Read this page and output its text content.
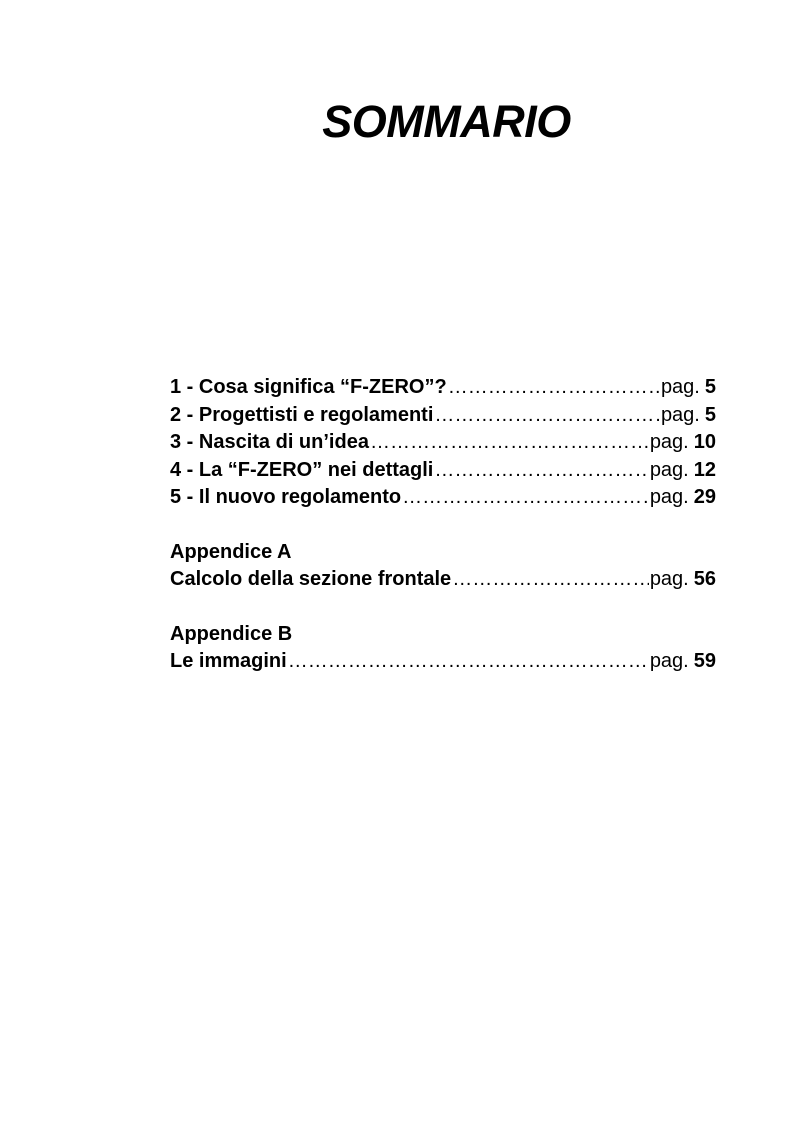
SOMMARIO
1 - Cosa significa “F-ZERO”? ………………………………………………………………………………………………………………	pag. 5
2 - Progettisti e regolamenti ………………………………………………………………………………………………………………	pag. 5
3 - Nascita di un’idea ………………………………………………………………………………………………………………	pag. 10
4 - La “F-ZERO” nei dettagli ………………………………………………………………………………………………………………	pag. 12
5 - Il nuovo regolamento ………………………………………………………………………………………………………………	pag. 29
Appendice A
Calcolo della sezione frontale ………………………………………………………………………………………………………………	pag. 56
Appendice B
Le immagini ………………………………………………………………………………………………………………	pag. 59
